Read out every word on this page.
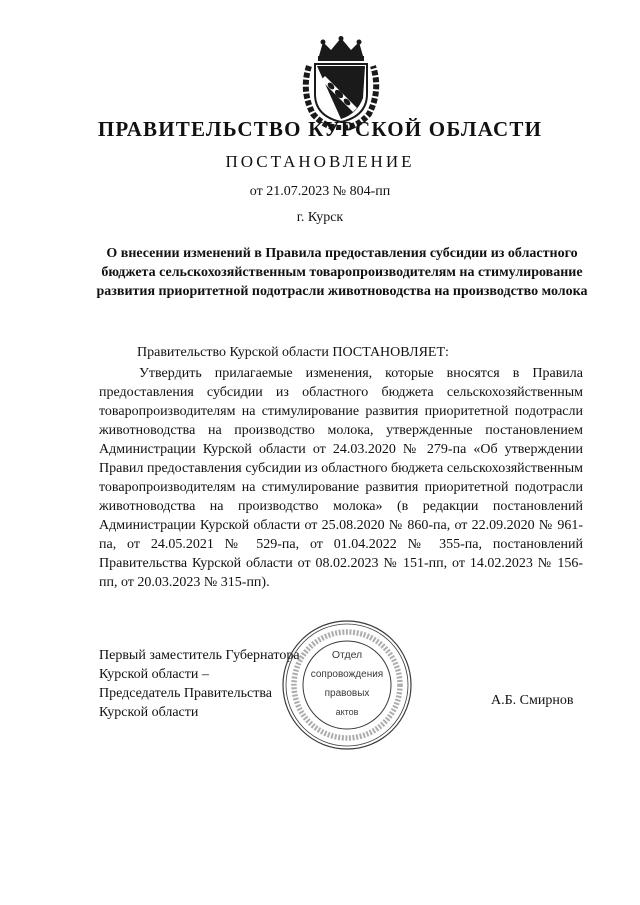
ПРАВИТЕЛЬСТВО КУРСКОЙ ОБЛАСТИ
ПОСТАНОВЛЕНИЕ
от 21.07.2023 № 804-пп
г. Курск
О внесении изменений в Правила предоставления субсидии из областного бюджета сельскохозяйственным товаропроизводителям на стимулирование развития приоритетной подотрасли животноводства на производство молока
Правительство Курской области ПОСТАНОВЛЯЕТ:

Утвердить прилагаемые изменения, которые вносятся в Правила предоставления субсидии из областного бюджета сельскохозяйственным товаропроизводителям на стимулирование развития приоритетной подотрасли животноводства на производство молока, утвержденные постановлением Администрации Курской области от 24.03.2020 № 279-па «Об утверждении Правил предоставления субсидии из областного бюджета сельскохозяйственным товаропроизводителям на стимулирование развития приоритетной подотрасли животноводства на производство молока» (в редакции постановлений Администрации Курской области от 25.08.2020 № 860-па, от 22.09.2020 № 961-па, от 24.05.2021 № 529-па, от 01.04.2022 № 355-па, постановлений Правительства Курской области от 08.02.2023 № 151-пп, от 14.02.2023 № 156-пп, от 20.03.2023 № 315-пп).

Первый заместитель Губернатора
Курской области –
Председатель Правительства
Курской области
А.Б. Смирнов
Отдел
сопровождения
правовых
актов
